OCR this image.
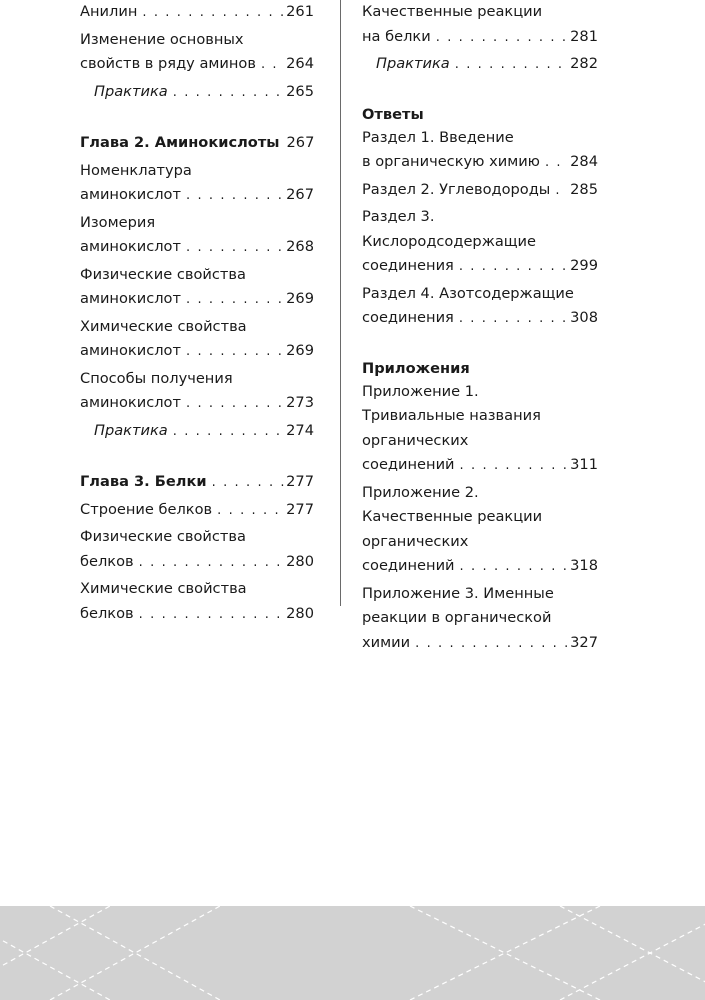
Анилин . . .	261
Изменение основных
свойств в ряду аминов . . . 264
Практика . . .	265
Глава 2. Аминокислоты 267
Номенклатура
аминокислот . . .	267
Изомерия
аминокислот . . .	268
Физические свойства
аминокислот . . .	269
Химические свойства
аминокислот . . .	269
Способы получения
аминокислот . . .	273
Практика . . .	274
Глава 3. Белки . . .	277
Строение белков . . .	277
Физические свойства
белков . . .	280
Химические свойства
белков . . .	280
Качественные реакции
на белки . . .	281
Практика . . .	282
Ответы
Раздел 1. Введение
в органическую химию . . . 284
Раздел 2. Углеводороды . . . 285
Раздел 3.
Кислородсодержащие
соединения . . .	299
Раздел 4. Азотсодержащие
соединения . . .	308
Приложения
Приложение 1.
Тривиальные названия
органических
соединений . . .	311
Приложение 2.
Качественные реакции
органических
соединений . . .	318
Приложение 3. Именные
реакции в органической
химии . . .	327
